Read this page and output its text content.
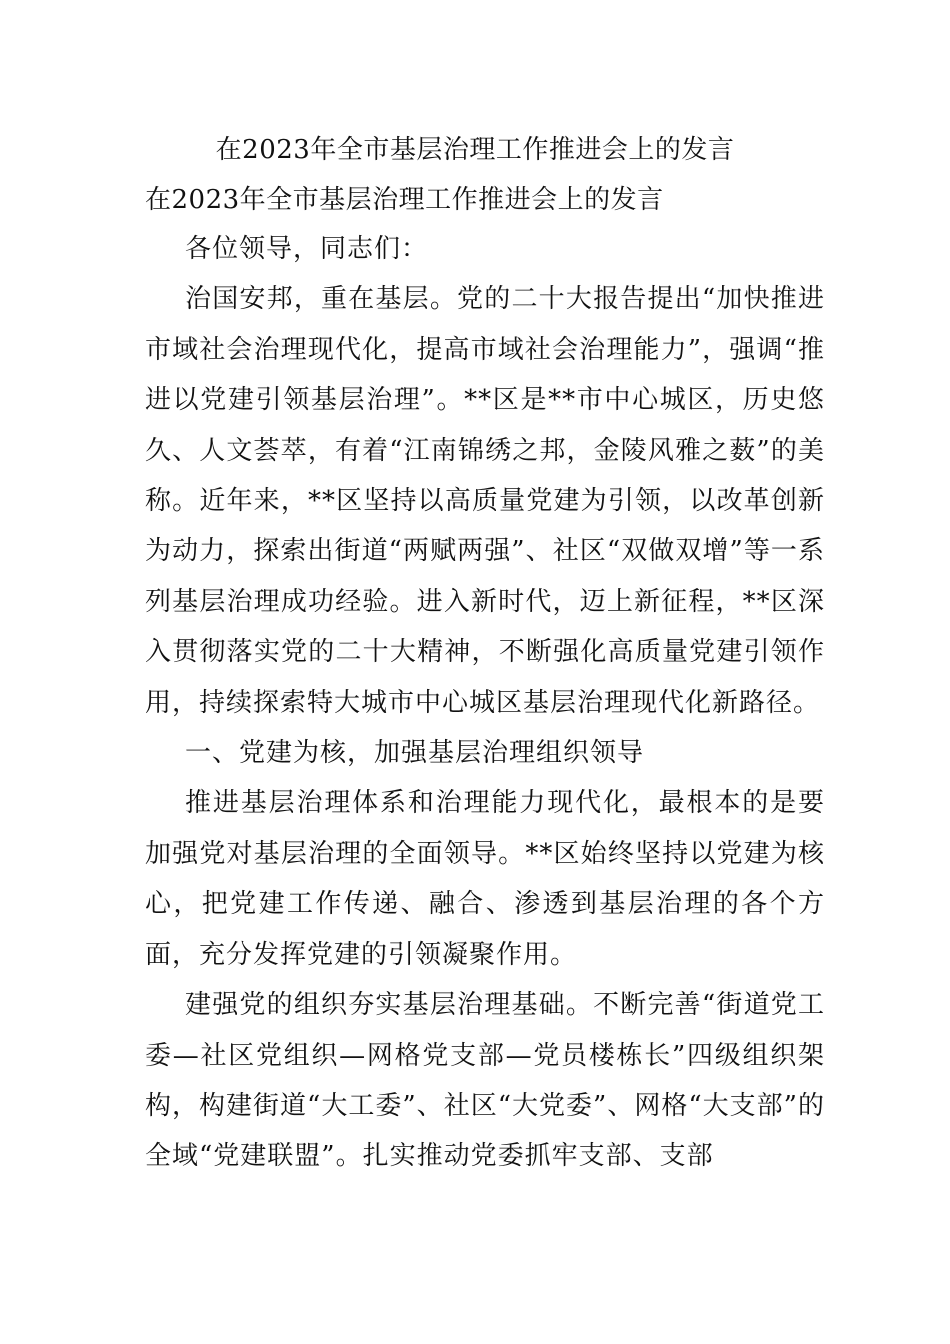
在2023年全市基层治理工作推进会上的发言
在2023年全市基层治理工作推进会上的发言

各位领导，同志们：

治国安邦，重在基层。党的二十大报告提出“加快推进市域社会治理现代化，提高市域社会治理能力”，强调“推进以党建引领基层治理”。**区是**市中心城区，历史悠久、人文荟萃，有着“江南锦绣之邦，金陵风雅之薮”的美称。近年来，**区坚持以高质量党建为引领，以改革创新为动力，探索出街道“两赋两强”、社区“双做双增”等一系列基层治理成功经验。进入新时代，迈上新征程，**区深入贯彻落实党的二十大精神，不断强化高质量党建引领作用，持续探索特大城市中心城区基层治理现代化新路径。

一、党建为核，加强基层治理组织领导

推进基层治理体系和治理能力现代化，最根本的是要加强党对基层治理的全面领导。**区始终坚持以党建为核心，把党建工作传递、融合、渗透到基层治理的各个方面，充分发挥党建的引领凝聚作用。

建强党的组织夯实基层治理基础。不断完善“街道党工委—社区党组织—网格党支部—党员楼栋长”四级组织架构，构建街道“大工委”、社区“大党委”、网格“大支部”的全域“党建联盟”。扎实推动党委抓牢支部、支部
